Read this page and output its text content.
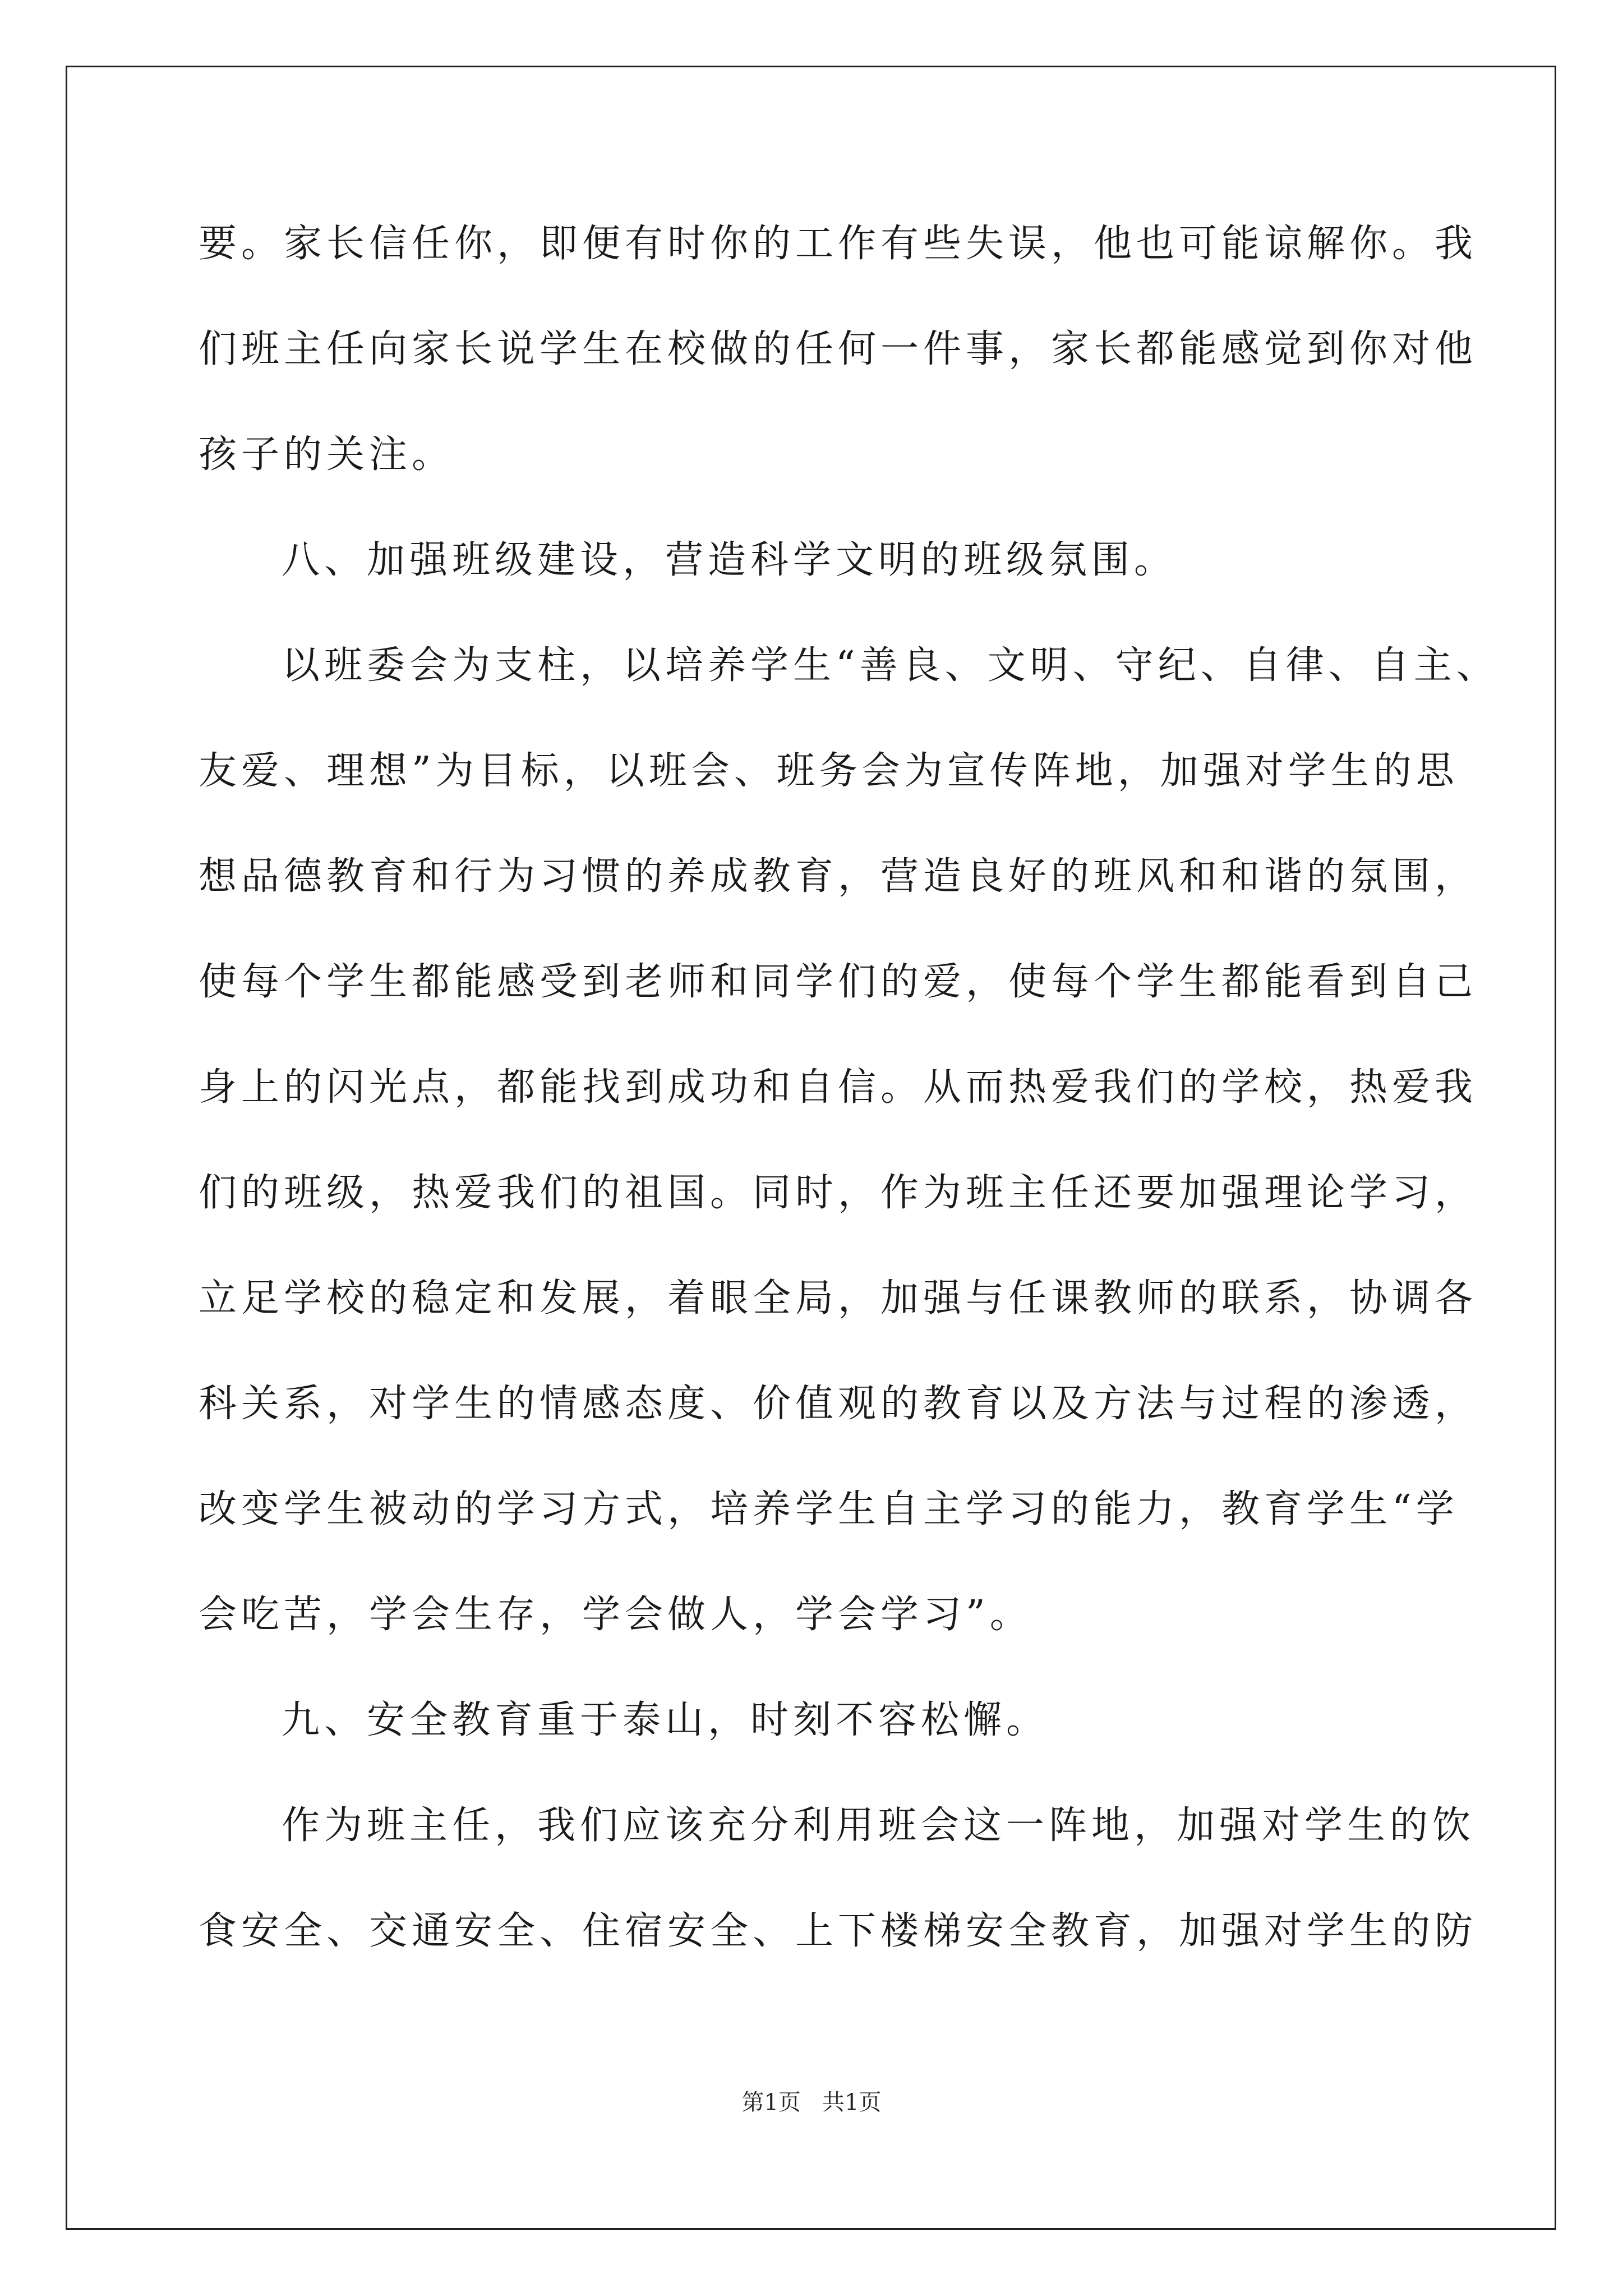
要。家长信任你，即便有时你的工作有些失误，他也可能谅解你。我
们班主任向家长说学生在校做的任何一件事，家长都能感觉到你对他
孩子的关注。
八、加强班级建设，营造科学文明的班级氛围。
以班委会为支柱，以培养学生“善良、文明、守纪、自律、自主、
友爱、理想”为目标，以班会、班务会为宣传阵地，加强对学生的思
想品德教育和行为习惯的养成教育，营造良好的班风和和谐的氛围，
使每个学生都能感受到老师和同学们的爱，使每个学生都能看到自己
身上的闪光点，都能找到成功和自信。从而热爱我们的学校，热爱我
们的班级，热爱我们的祖国。同时，作为班主任还要加强理论学习，
立足学校的稳定和发展，着眼全局，加强与任课教师的联系，协调各
科关系，对学生的情感态度、价值观的教育以及方法与过程的渗透，
改变学生被动的学习方式，培养学生自主学习的能力，教育学生“学
会吃苦，学会生存，学会做人，学会学习”。
九、安全教育重于泰山，时刻不容松懈。
作为班主任，我们应该充分利用班会这一阵地，加强对学生的饮
食安全、交通安全、住宿安全、上下楼梯安全教育，加强对学生的防
第1页   共1页
